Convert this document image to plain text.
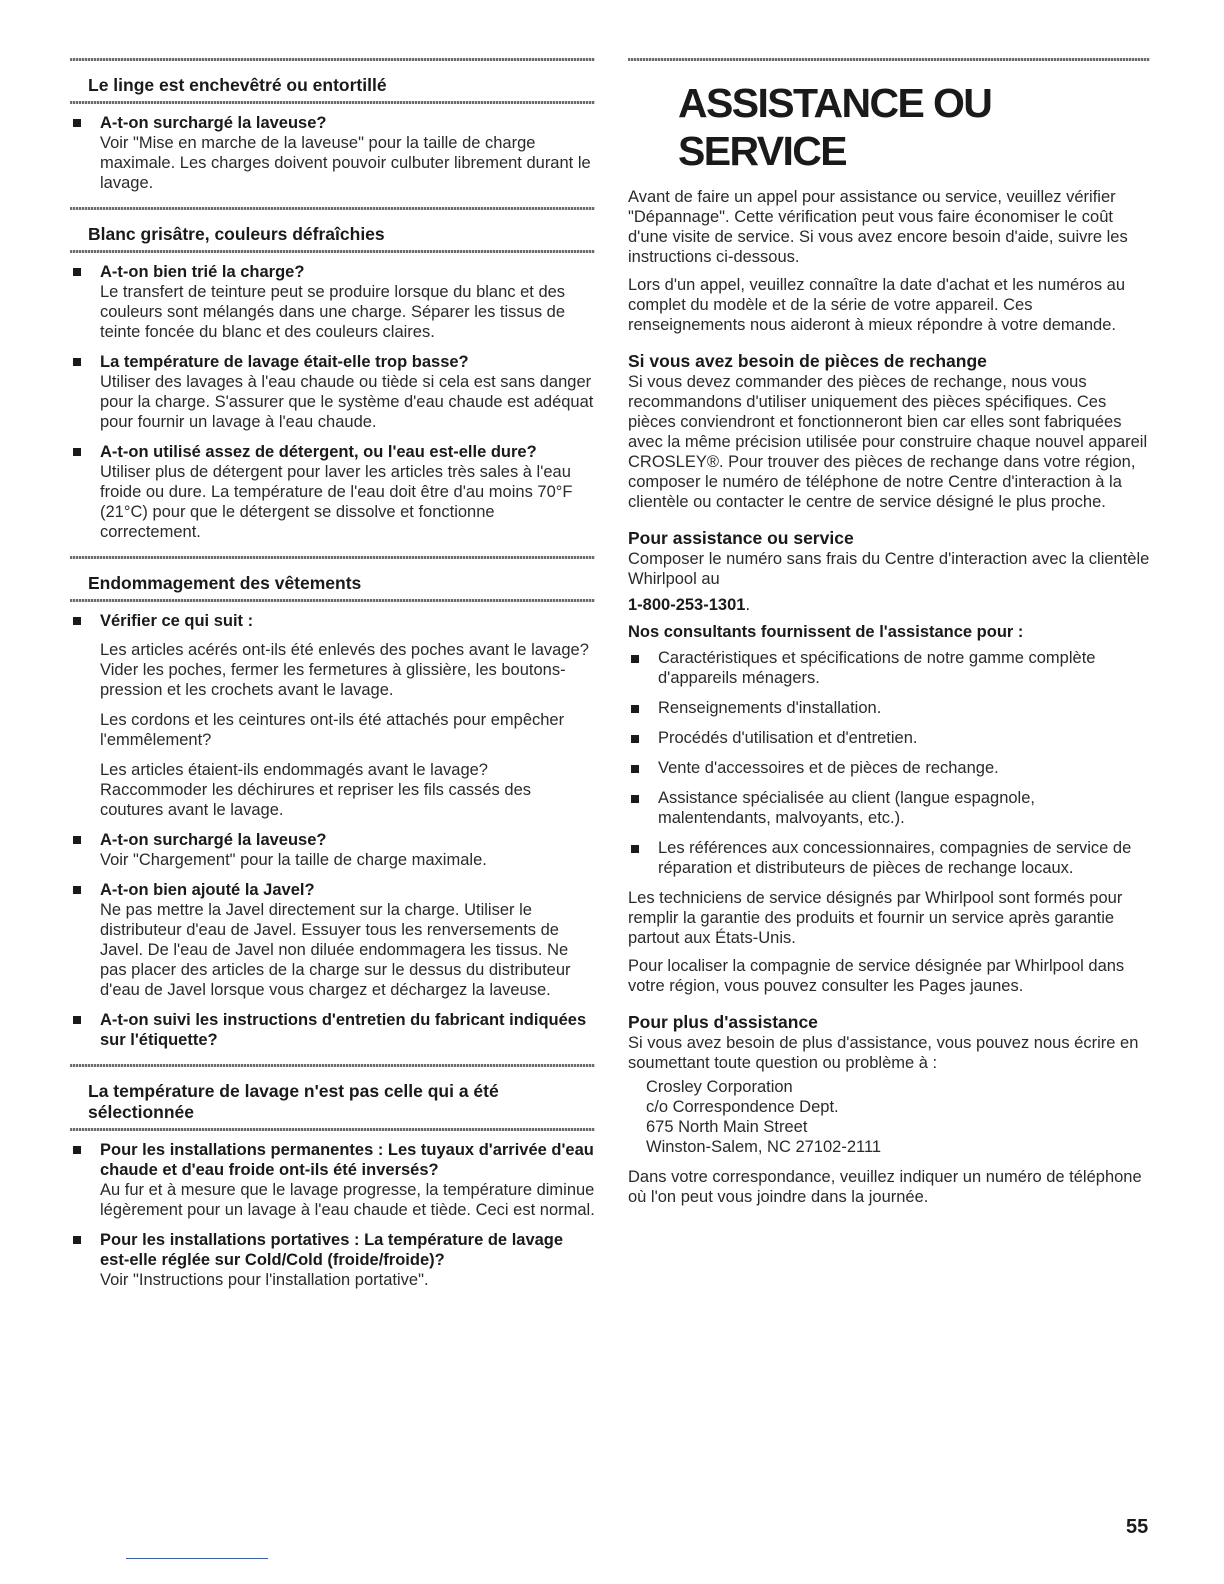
Le linge est enchevêtré ou entortillé
A-t-on surchargé la laveuse?
Voir "Mise en marche de la laveuse" pour la taille de charge maximale. Les charges doivent pouvoir culbuter librement durant le lavage.
Blanc grisâtre, couleurs défraîchies
A-t-on bien trié la charge?
Le transfert de teinture peut se produire lorsque du blanc et des couleurs sont mélangés dans une charge. Séparer les tissus de teinte foncée du blanc et des couleurs claires.
La température de lavage était-elle trop basse?
Utiliser des lavages à l'eau chaude ou tiède si cela est sans danger pour la charge. S'assurer que le système d'eau chaude est adéquat pour fournir un lavage à l'eau chaude.
A-t-on utilisé assez de détergent, ou l'eau est-elle dure?
Utiliser plus de détergent pour laver les articles très sales à l'eau froide ou dure. La température de l'eau doit être d'au moins 70°F (21°C) pour que le détergent se dissolve et fonctionne correctement.
Endommagement des vêtements
Vérifier ce qui suit :
Les articles acérés ont-ils été enlevés des poches avant le lavage? Vider les poches, fermer les fermetures à glissière, les boutons-pression et les crochets avant le lavage.
Les cordons et les ceintures ont-ils été attachés pour empêcher l'emmêlement?
Les articles étaient-ils endommagés avant le lavage? Raccommoder les déchirures et repriser les fils cassés des coutures avant le lavage.
A-t-on surchargé la laveuse?
Voir "Chargement" pour la taille de charge maximale.
A-t-on bien ajouté la Javel?
Ne pas mettre la Javel directement sur la charge. Utiliser le distributeur d'eau de Javel. Essuyer tous les renversements de Javel. De l'eau de Javel non diluée endommagera les tissus. Ne pas placer des articles de la charge sur le dessus du distributeur d'eau de Javel lorsque vous chargez et déchargez la laveuse.
A-t-on suivi les instructions d'entretien du fabricant indiquées sur l'étiquette?
La température de lavage n'est pas celle qui a été sélectionnée
Pour les installations permanentes : Les tuyaux d'arrivée d'eau chaude et d'eau froide ont-ils été inversés?
Au fur et à mesure que le lavage progresse, la température diminue légèrement pour un lavage à l'eau chaude et tiède. Ceci est normal.
Pour les installations portatives : La température de lavage est-elle réglée sur Cold/Cold (froide/froide)?
Voir "Instructions pour l'installation portative".
ASSISTANCE OU SERVICE
Avant de faire un appel pour assistance ou service, veuillez vérifier "Dépannage". Cette vérification peut vous faire économiser le coût d'une visite de service. Si vous avez encore besoin d'aide, suivre les instructions ci-dessous.
Lors d'un appel, veuillez connaître la date d'achat et les numéros au complet du modèle et de la série de votre appareil. Ces renseignements nous aideront à mieux répondre à votre demande.
Si vous avez besoin de pièces de rechange
Si vous devez commander des pièces de rechange, nous vous recommandons d'utiliser uniquement des pièces spécifiques. Ces pièces conviendront et fonctionneront bien car elles sont fabriquées avec la même précision utilisée pour construire chaque nouvel appareil CROSLEY®. Pour trouver des pièces de rechange dans votre région, composer le numéro de téléphone de notre Centre d'interaction à la clientèle ou contacter le centre de service désigné le plus proche.
Pour assistance ou service
Composer le numéro sans frais du Centre d'interaction avec la clientèle Whirlpool au
1-800-253-1301.
Nos consultants fournissent de l'assistance pour :
Caractéristiques et spécifications de notre gamme complète d'appareils ménagers.
Renseignements d'installation.
Procédés d'utilisation et d'entretien.
Vente d'accessoires et de pièces de rechange.
Assistance spécialisée au client (langue espagnole, malentendants, malvoyants, etc.).
Les références aux concessionnaires, compagnies de service de réparation et distributeurs de pièces de rechange locaux.
Les techniciens de service désignés par Whirlpool sont formés pour remplir la garantie des produits et fournir un service après garantie partout aux États-Unis.
Pour localiser la compagnie de service désignée par Whirlpool dans votre région, vous pouvez consulter les Pages jaunes.
Pour plus d'assistance
Si vous avez besoin de plus d'assistance, vous pouvez nous écrire en soumettant toute question ou problème à :
Crosley Corporation
c/o Correspondence Dept.
675 North Main Street
Winston-Salem, NC 27102-2111
Dans votre correspondance, veuillez indiquer un numéro de téléphone où l'on peut vous joindre dans la journée.
55
